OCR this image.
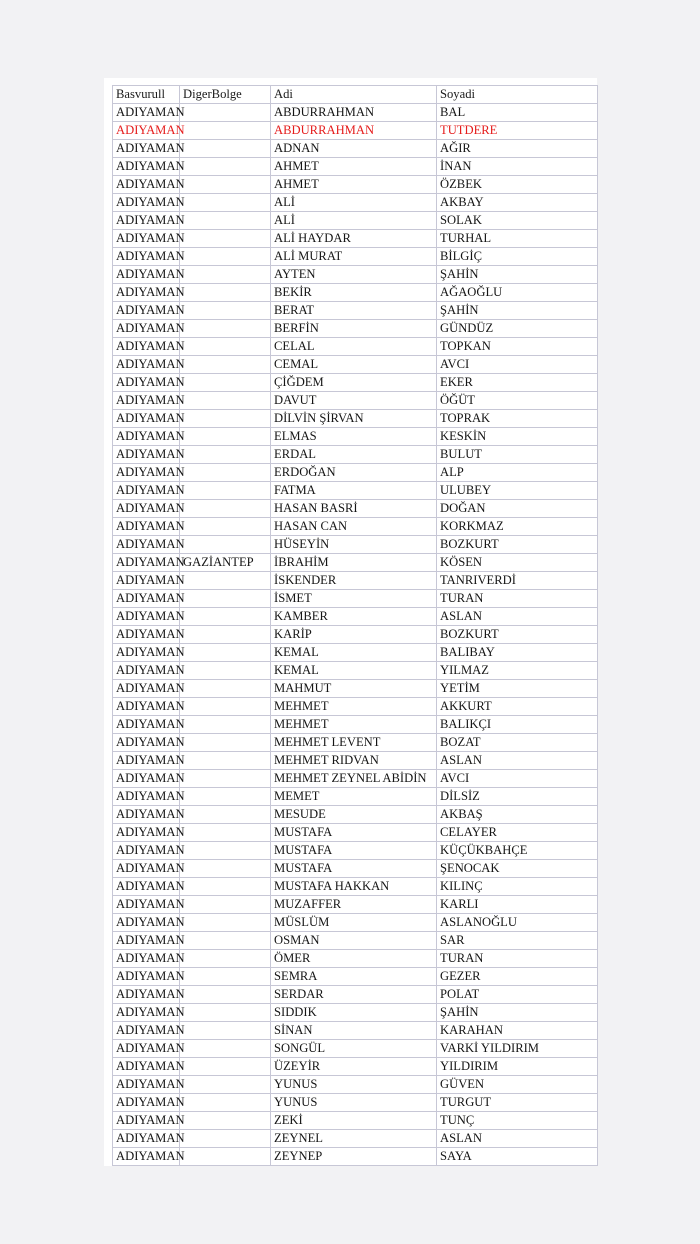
Basvurull	DigerBolge	Adi	Soyadi
ADIYAMAN		ABDURRAHMAN	BAL
ADIYAMAN		ABDURRAHMAN	TUTDERE
ADIYAMAN		ADNAN	AĞIR
ADIYAMAN		AHMET	İNAN
ADIYAMAN		AHMET	ÖZBEK
ADIYAMAN		ALİ	AKBAY
ADIYAMAN		ALİ	SOLAK
ADIYAMAN		ALİ HAYDAR	TURHAL
ADIYAMAN		ALİ MURAT	BİLGİÇ
ADIYAMAN		AYTEN	ŞAHİN
ADIYAMAN		BEKİR	AĞAOĞLU
ADIYAMAN		BERAT	ŞAHİN
ADIYAMAN		BERFİN	GÜNDÜZ
ADIYAMAN		CELAL	TOPKAN
ADIYAMAN		CEMAL	AVCI
ADIYAMAN		ÇİĞDEM	EKER
ADIYAMAN		DAVUT	ÖĞÜT
ADIYAMAN		DİLVİN ŞİRVAN	TOPRAK
ADIYAMAN		ELMAS	KESKİN
ADIYAMAN		ERDAL	BULUT
ADIYAMAN		ERDOĞAN	ALP
ADIYAMAN		FATMA	ULUBEY
ADIYAMAN		HASAN BASRİ	DOĞAN
ADIYAMAN		HASAN CAN	KORKMAZ
ADIYAMAN		HÜSEYİN	BOZKURT
ADIYAMAN	GAZİANTEP	İBRAHİM	KÖSEN
ADIYAMAN		İSKENDER	TANRIVERDİ
ADIYAMAN		İSMET	TURAN
ADIYAMAN		KAMBER	ASLAN
ADIYAMAN		KARİP	BOZKURT
ADIYAMAN		KEMAL	BALIBAY
ADIYAMAN		KEMAL	YILMAZ
ADIYAMAN		MAHMUT	YETİM
ADIYAMAN		MEHMET	AKKURT
ADIYAMAN		MEHMET	BALIKÇI
ADIYAMAN		MEHMET LEVENT	BOZAT
ADIYAMAN		MEHMET RIDVAN	ASLAN
ADIYAMAN		MEHMET ZEYNEL ABİDİN	AVCI
ADIYAMAN		MEMET	DİLSİZ
ADIYAMAN		MESUDE	AKBAŞ
ADIYAMAN		MUSTAFA	CELAYER
ADIYAMAN		MUSTAFA	KÜÇÜKBAHÇE
ADIYAMAN		MUSTAFA	ŞENOCAK
ADIYAMAN		MUSTAFA HAKKAN	KILINÇ
ADIYAMAN		MUZAFFER	KARLI
ADIYAMAN		MÜSLÜM	ASLANOĞLU
ADIYAMAN		OSMAN	SAR
ADIYAMAN		ÖMER	TURAN
ADIYAMAN		SEMRA	GEZER
ADIYAMAN		SERDAR	POLAT
ADIYAMAN		SIDDIK	ŞAHİN
ADIYAMAN		SİNAN	KARAHAN
ADIYAMAN		SONGÜL	VARKİ YILDIRIM
ADIYAMAN		ÜZEYİR	YILDIRIM
ADIYAMAN		YUNUS	GÜVEN
ADIYAMAN		YUNUS	TURGUT
ADIYAMAN		ZEKİ	TUNÇ
ADIYAMAN		ZEYNEL	ASLAN
ADIYAMAN		ZEYNEP	SAYA
